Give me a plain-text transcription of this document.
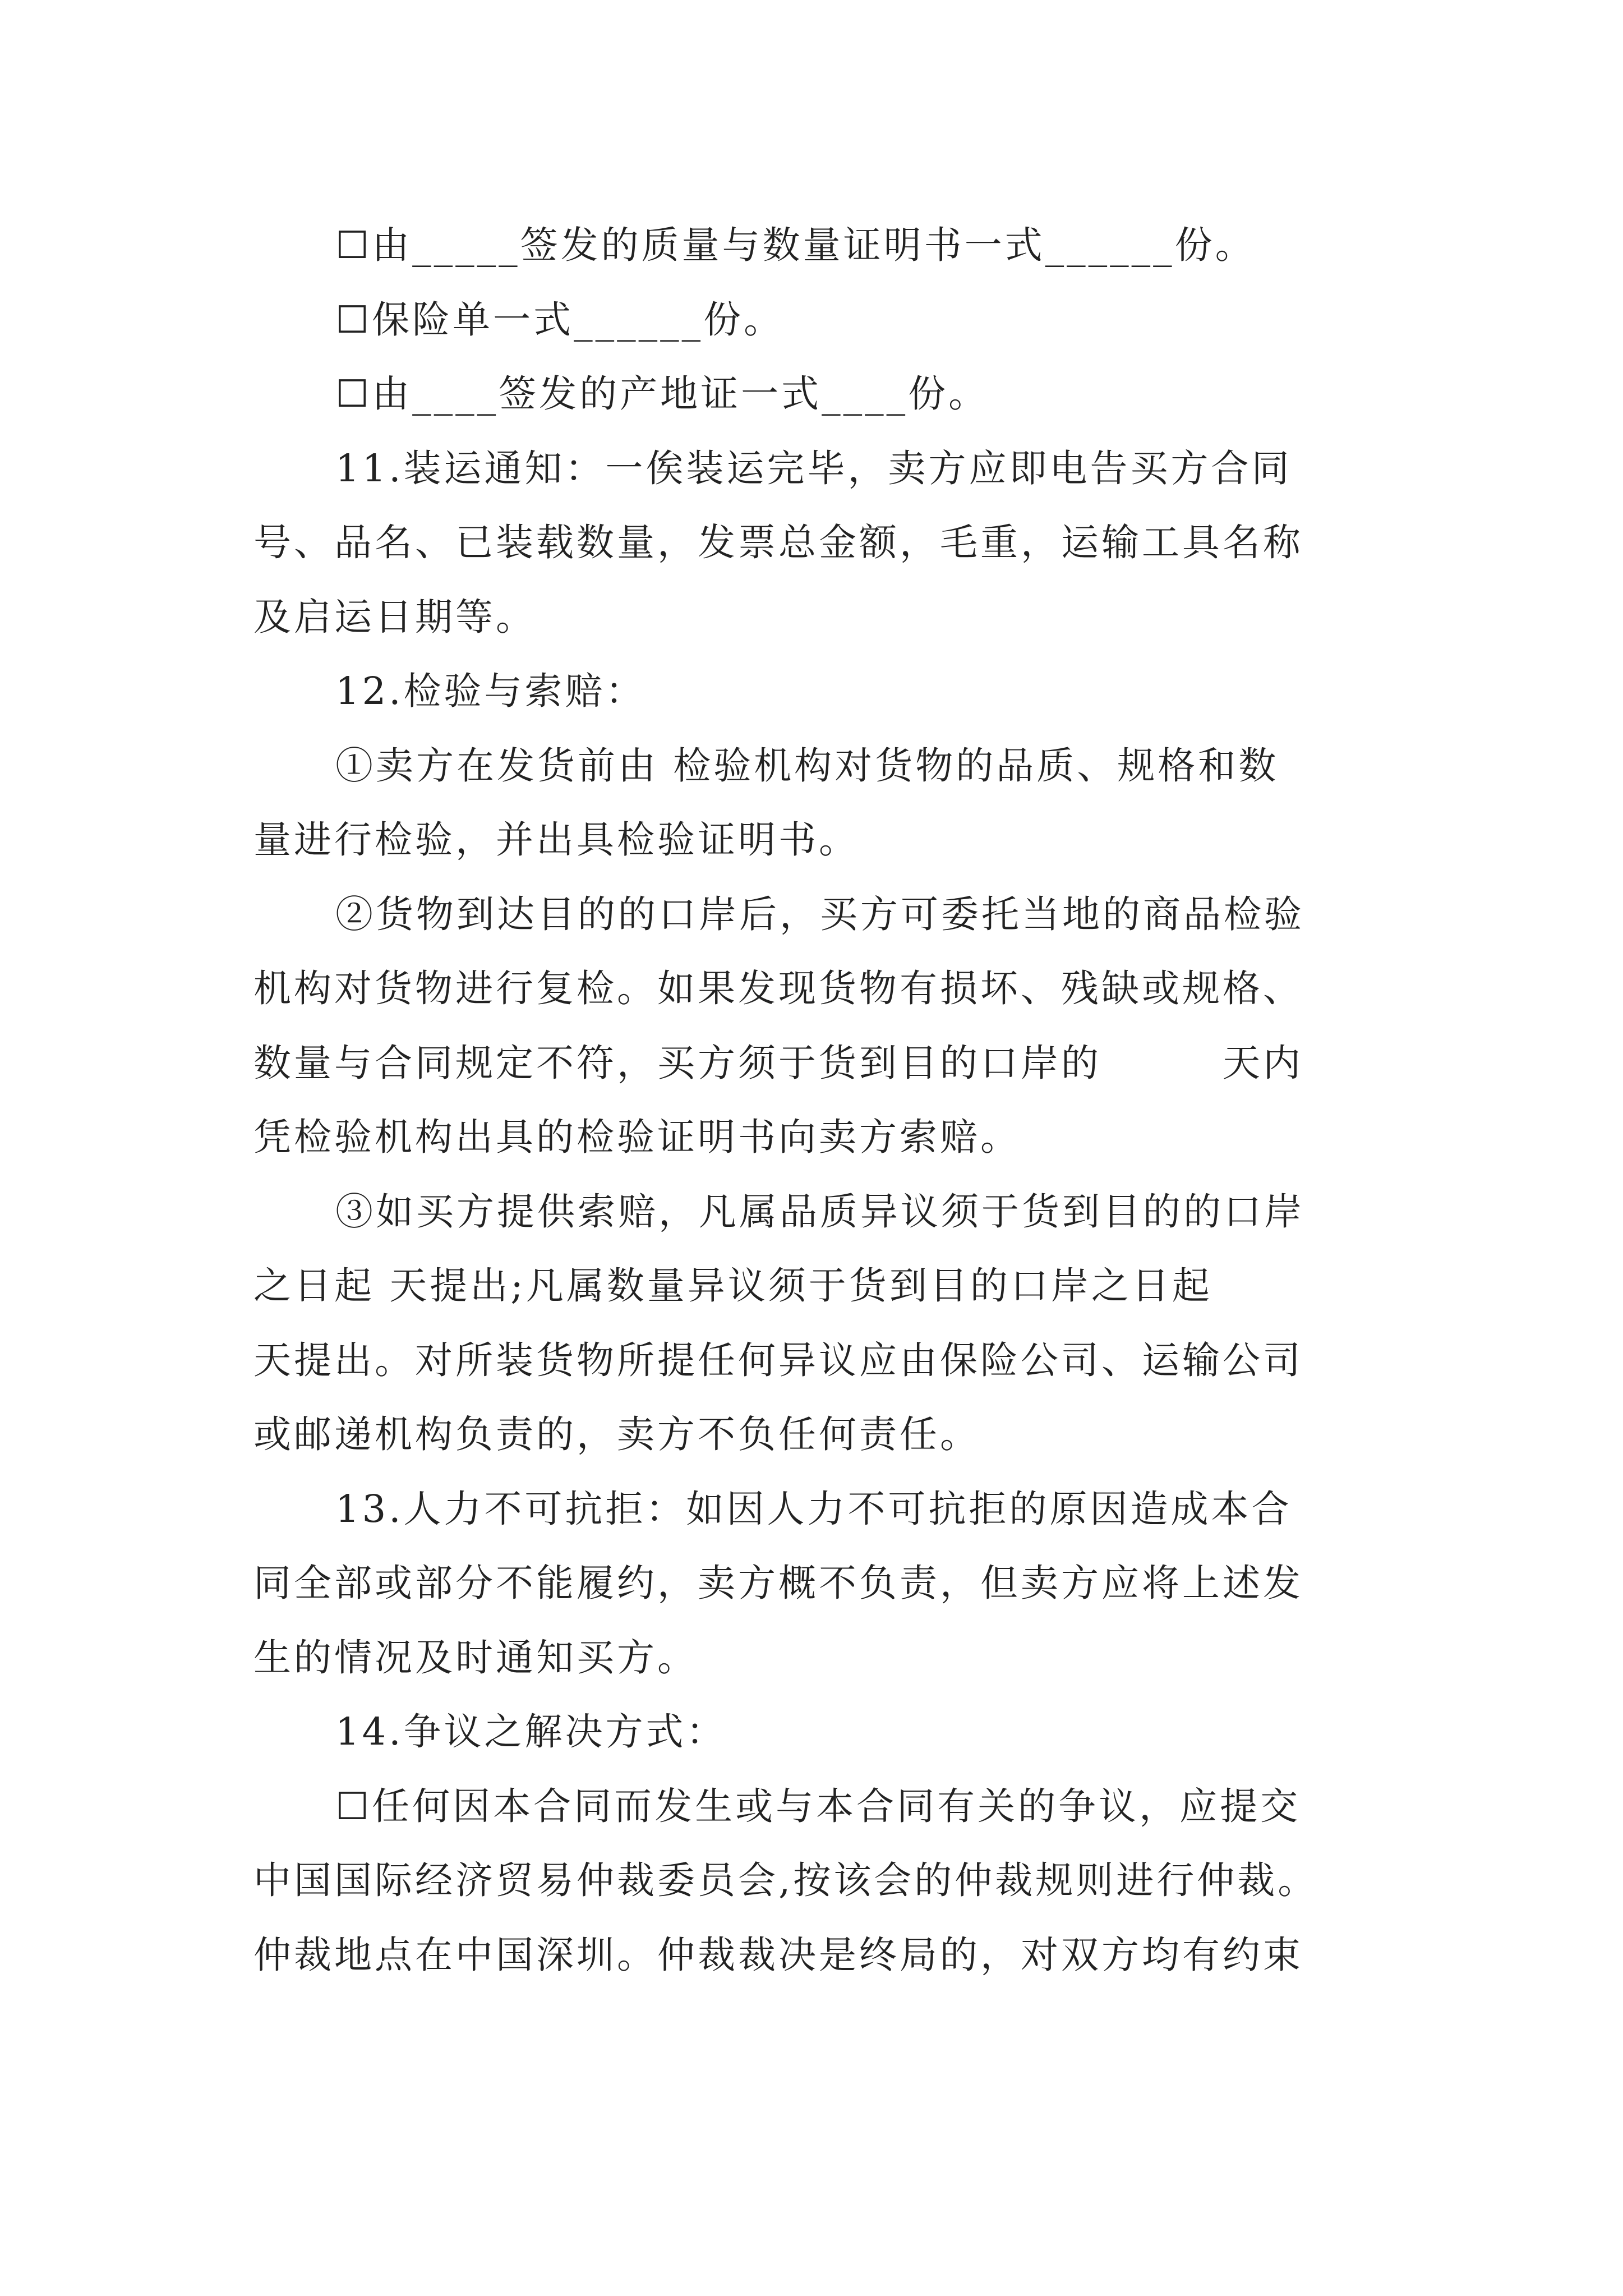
☐由_____签发的质量与数量证明书一式______份。
☐保险单一式______份。
☐由____签发的产地证一式____份。
11.装运通知：一俟装运完毕，卖方应即电告买方合同
号、品名、已装载数量，发票总金额，毛重，运输工具名称
及启运日期等。
12.检验与索赔：
①卖方在发货前由 检验机构对货物的品质、规格和数
量进行检验，并出具检验证明书。
②货物到达目的的口岸后，买方可委托当地的商品检验
机构对货物进行复检。如果发现货物有损坏、残缺或规格、
数量与合同规定不符，买方须于货到目的口岸的　　　天内
凭检验机构出具的检验证明书向卖方索赔。
③如买方提供索赔，凡属品质异议须于货到目的的口岸
之日起 天提出;凡属数量异议须于货到目的口岸之日起
天提出。对所装货物所提任何异议应由保险公司、运输公司
或邮递机构负责的，卖方不负任何责任。
13.人力不可抗拒：如因人力不可抗拒的原因造成本合
同全部或部分不能履约，卖方概不负责，但卖方应将上述发
生的情况及时通知买方。
14.争议之解决方式：
☐任何因本合同而发生或与本合同有关的争议，应提交
中国国际经济贸易仲裁委员会,按该会的仲裁规则进行仲裁。
仲裁地点在中国深圳。仲裁裁决是终局的，对双方均有约束
